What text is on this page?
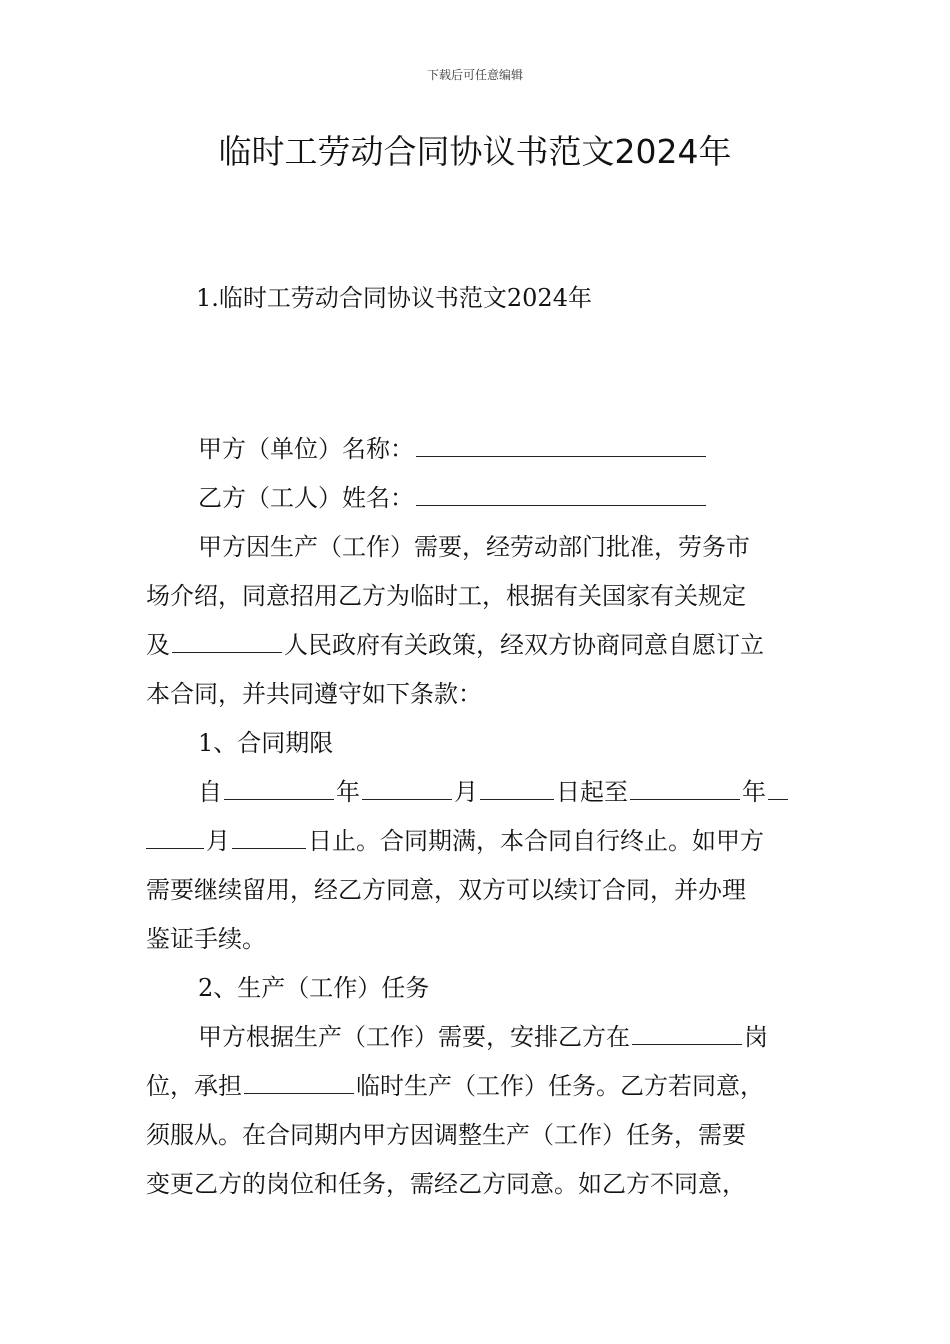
下载后可任意编辑
临时工劳动合同协议书范文2024年
1.临时工劳动合同协议书范文2024年
甲方（单位）名称：
乙方（工人）姓名：
甲方因生产（工作）需要，经劳动部门批准，劳务市
场介绍，同意招用乙方为临时工，根据有关国家有关规定
及	人民政府有关政策，经双方协商同意自愿订立
本合同，并共同遵守如下条款：
1、合同期限
自	年	月	日起至	年
月	日止。合同期满，本合同自行终止。如甲方
需要继续留用，经乙方同意，双方可以续订合同，并办理
鉴证手续。
2、生产（工作）任务
甲方根据生产（工作）需要，安排乙方在	岗
位，承担	临时生产（工作）任务。乙方若同意，
须服从。在合同期内甲方因调整生产（工作）任务，需要
变更乙方的岗位和任务，需经乙方同意。如乙方不同意，
